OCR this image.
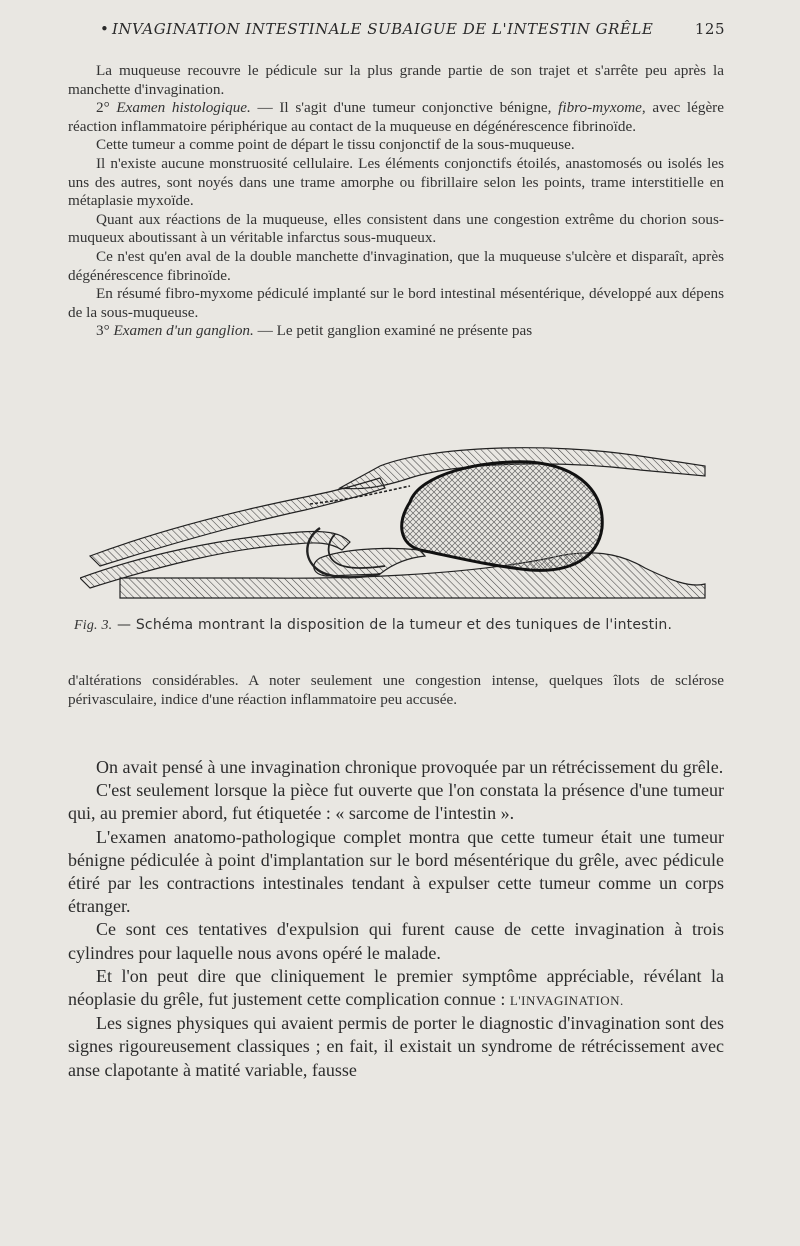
• INVAGINATION INTESTINALE SUBAIGUE DE L'INTESTIN GRÊLE	125

La muqueuse recouvre le pédicule sur la plus grande partie de son trajet et s'arrête peu après la manchette d'invagination.

2° Examen histologique. — Il s'agit d'une tumeur conjonctive bénigne, fibro-myxome, avec légère réaction inflammatoire périphérique au contact de la muqueuse en dégénérescence fibrinoïde.

Cette tumeur a comme point de départ le tissu conjonctif de la sous-muqueuse.

Il n'existe aucune monstruosité cellulaire. Les éléments conjonctifs étoilés, anastomosés ou isolés les uns des autres, sont noyés dans une trame amorphe ou fibrillaire selon les points, trame interstitielle en métaplasie myxoïde.

Quant aux réactions de la muqueuse, elles consistent dans une congestion extrême du chorion sous-muqueux aboutissant à un véritable infarctus sous-muqueux.

Ce n'est qu'en aval de la double manchette d'invagination, que la muqueuse s'ulcère et disparaît, après dégénérescence fibrinoïde.

En résumé fibro-myxome pédiculé implanté sur le bord intestinal mésentérique, développé aux dépens de la sous-muqueuse.

3° Examen d'un ganglion. — Le petit ganglion examiné ne présente pas

Fig. 3. — Schéma montrant la disposition de la tumeur et des tuniques de l'intestin.

d'altérations considérables. A noter seulement une congestion intense, quelques îlots de sclérose périvasculaire, indice d'une réaction inflammatoire peu accusée.

On avait pensé à une invagination chronique provoquée par un rétrécissement du grêle.

C'est seulement lorsque la pièce fut ouverte que l'on constata la présence d'une tumeur qui, au premier abord, fut étiquetée : « sarcome de l'intestin ».

L'examen anatomo-pathologique complet montra que cette tumeur était une tumeur bénigne pédiculée à point d'implantation sur le bord mésentérique du grêle, avec pédicule étiré par les contractions intestinales tendant à expulser cette tumeur comme un corps étranger.

Ce sont ces tentatives d'expulsion qui furent cause de cette invagination à trois cylindres pour laquelle nous avons opéré le malade.

Et l'on peut dire que cliniquement le premier symptôme appréciable, révélant la néoplasie du grêle, fut justement cette complication connue : L'INVAGINATION.

Les signes physiques qui avaient permis de porter le diagnostic d'invagination sont des signes rigoureusement classiques ; en fait, il existait un syndrome de rétrécissement avec anse clapotante à matité variable, fausse
